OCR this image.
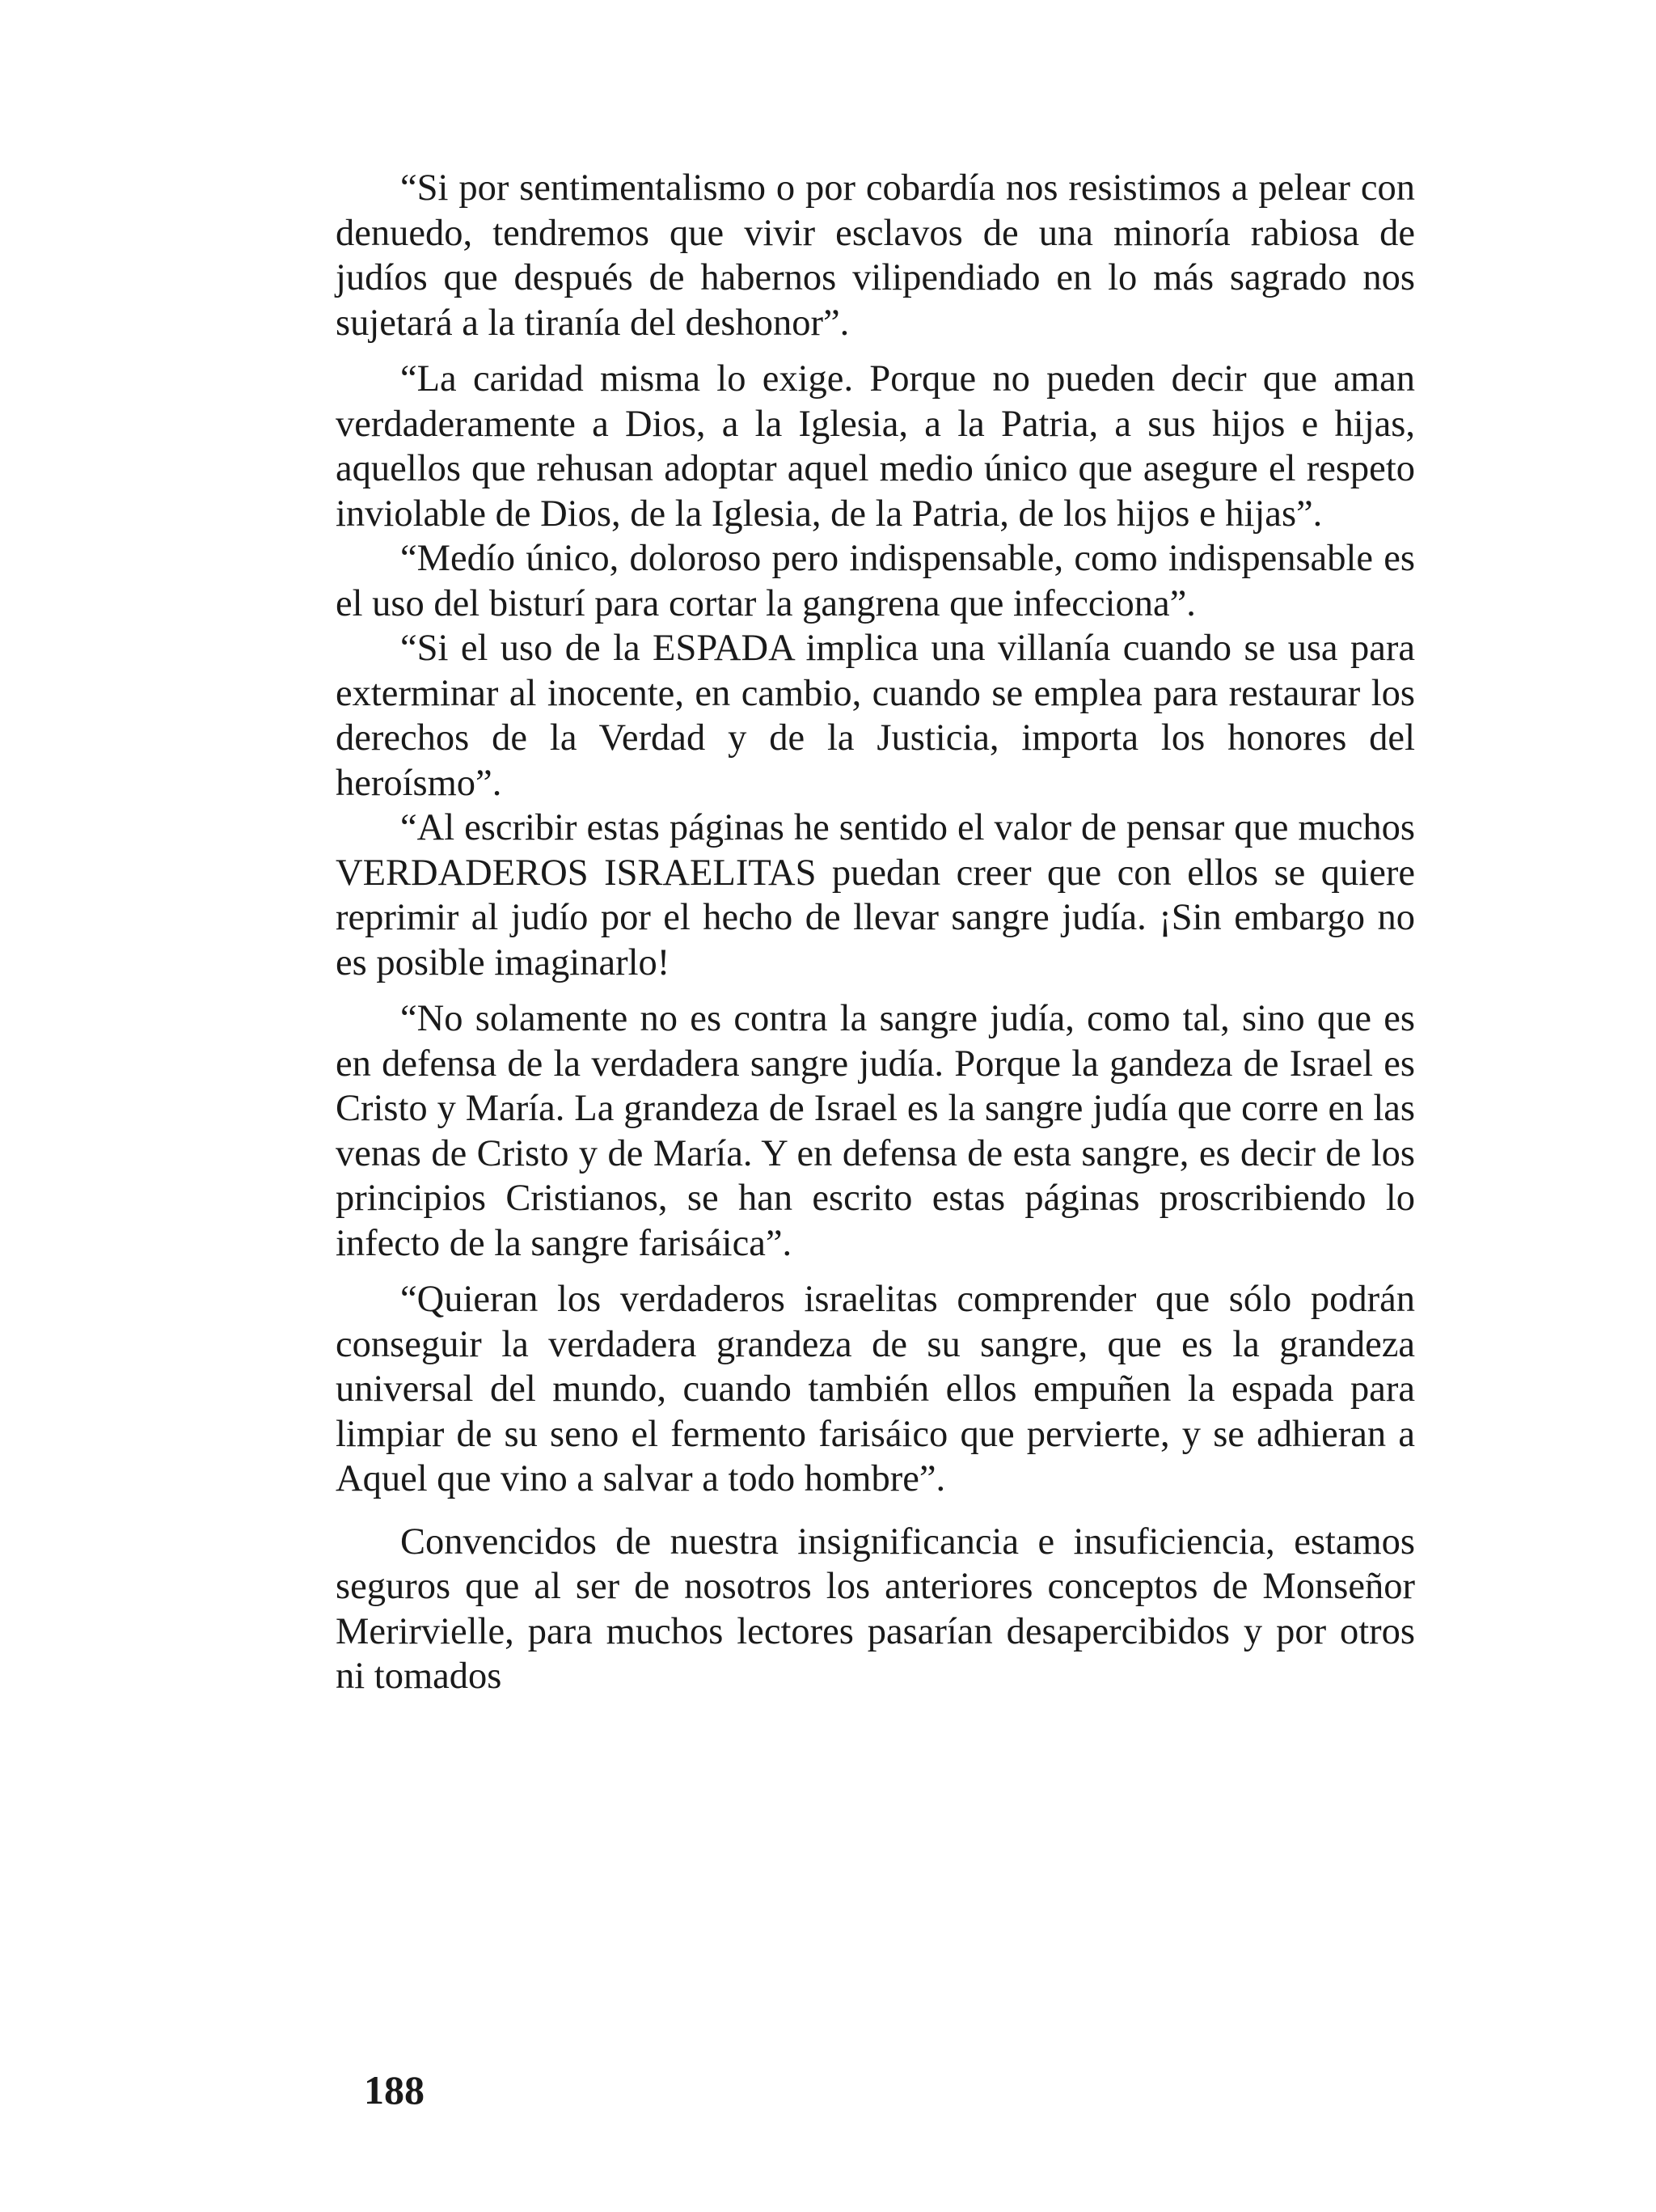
“Si por sentimentalismo o por cobardía nos resistimos a pelear con denuedo, tendremos que vivir esclavos de una minoría rabiosa de judíos que después de habernos vilipendiado en lo más sagrado nos sujetará a la tiranía del deshonor”.

“La caridad misma lo exige. Porque no pueden decir que aman verdaderamente a Dios, a la Iglesia, a la Patria, a sus hijos e hijas, aquellos que rehusan adoptar aquel medio único que asegure el respeto inviolable de Dios, de la Iglesia, de la Patria, de los hijos e hijas”.

“Medío único, doloroso pero indispensable, como indispensable es el uso del bisturí para cortar la gangrena que infecciona”.

“Si el uso de la ESPADA implica una villanía cuando se usa para exterminar al inocente, en cambio, cuando se emplea para restaurar los derechos de la Verdad y de la Justicia, importa los honores del heroísmo”.

“Al escribir estas páginas he sentido el valor de pensar que muchos VERDADEROS ISRAELITAS puedan creer que con ellos se quiere reprimir al judío por el hecho de llevar sangre judía. ¡Sin embargo no es posible imaginarlo!

“No solamente no es contra la sangre judía, como tal, sino que es en defensa de la verdadera sangre judía. Porque la gandeza de Israel es Cristo y María. La grandeza de Israel es la sangre judía que corre en las venas de Cristo y de María. Y en defensa de esta sangre, es decir de los principios Cristianos, se han escrito estas páginas proscribiendo lo infecto de la sangre farisáica”.

“Quieran los verdaderos israelitas comprender que sólo podrán conseguir la verdadera grandeza de su sangre, que es la grandeza universal del mundo, cuando también ellos empuñen la espada para limpiar de su seno el fermento farisáico que pervierte, y se adhieran a Aquel que vino a salvar a todo hombre”.

Convencidos de nuestra insignificancia e insuficiencia, estamos seguros que al ser de nosotros los anteriores conceptos de Monseñor Merirvielle, para muchos lectores pasarían desapercibidos y por otros ni tomados

188
